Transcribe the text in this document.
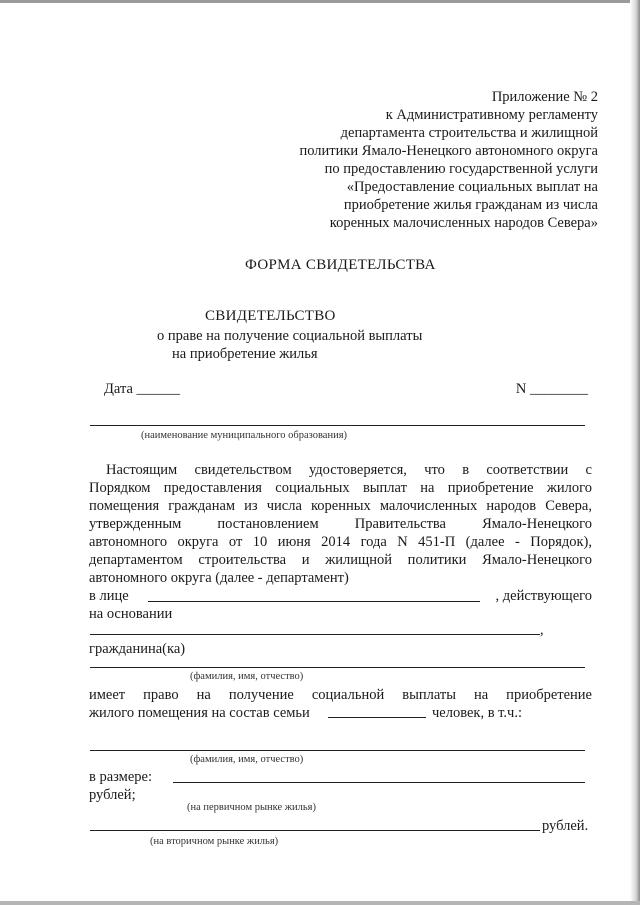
Приложение № 2
к Административному регламенту
департамента строительства и жилищной
политики Ямало-Ненецкого автономного округа
по предоставлению государственной услуги
«Предоставление социальных выплат на
приобретение жилья гражданам из числа
коренных малочисленных народов Севера»
ФОРМА СВИДЕТЕЛЬСТВА
СВИДЕТЕЛЬСТВО
о праве на получение социальной выплаты
на приобретение жилья
Дата ______	N ________
(наименование муниципального образования)
Настоящим свидетельством удостоверяется, что в соответствии с
Порядком предоставления социальных выплат на приобретение жилого
помещения гражданам из числа коренных малочисленных народов Севера,
утвержденным постановлением Правительства Ямало-Ненецкого
автономного округа от 10 июня 2014 года N 451-П (далее - Порядок),
департаментом строительства и жилищной политики Ямало-Ненецкого
автономного округа (далее - департамент)
в лице	, действующего
на основании
,
гражданина(ка)
(фамилия, имя, отчество)
имеет право на получение социальной выплаты на приобретение
жилого помещения на состав семьи	человек, в т.ч.:
(фамилия, имя, отчество)
в размере:
рублей;
(на первичном рынке жилья)
рублей.
(на вторичном рынке жилья)
